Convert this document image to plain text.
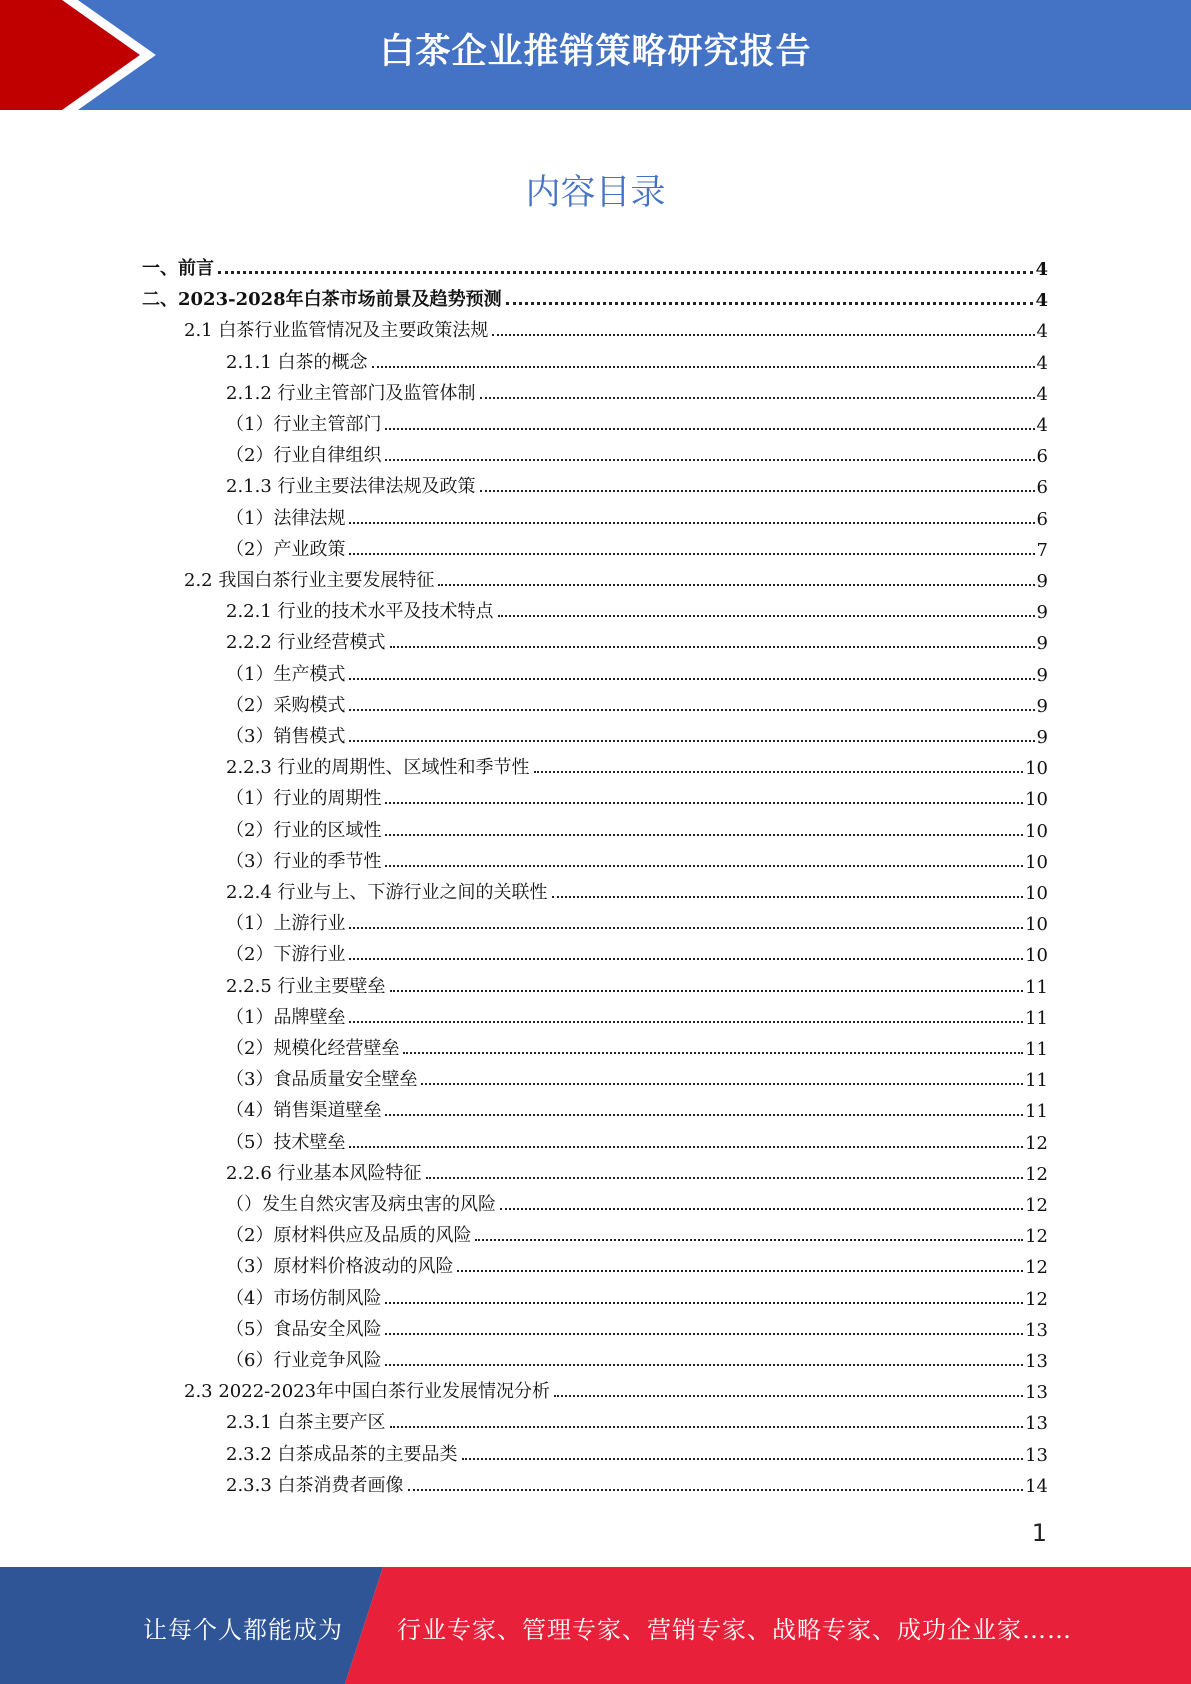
白茶企业推销策略研究报告
内容目录
一、前言	4
二、2023-2028年白茶市场前景及趋势预测	4
2.1 白茶行业监管情况及主要政策法规	4
2.1.1 白茶的概念	4
2.1.2 行业主管部门及监管体制	4
（1）行业主管部门	4
（2）行业自律组织	6
2.1.3 行业主要法律法规及政策	6
（1）法律法规	6
（2）产业政策	7
2.2 我国白茶行业主要发展特征	9
2.2.1 行业的技术水平及技术特点	9
2.2.2 行业经营模式	9
（1）生产模式	9
（2）采购模式	9
（3）销售模式	9
2.2.3 行业的周期性、区域性和季节性	10
（1）行业的周期性	10
（2）行业的区域性	10
（3）行业的季节性	10
2.2.4 行业与上、下游行业之间的关联性	10
（1）上游行业	10
（2）下游行业	10
2.2.5 行业主要壁垒	11
（1）品牌壁垒	11
（2）规模化经营壁垒	11
（3）食品质量安全壁垒	11
（4）销售渠道壁垒	11
（5）技术壁垒	12
2.2.6 行业基本风险特征	12
（）发生自然灾害及病虫害的风险	12
（2）原材料供应及品质的风险	12
（3）原材料价格波动的风险	12
（4）市场仿制风险	12
（5）食品安全风险	13
（6）行业竞争风险	13
2.3 2022-2023年中国白茶行业发展情况分析	13
2.3.1 白茶主要产区	13
2.3.2 白茶成品茶的主要品类	13
2.3.3 白茶消费者画像	14
1
让每个人都能成为 行业专家、管理专家、营销专家、战略专家、成功企业家……
